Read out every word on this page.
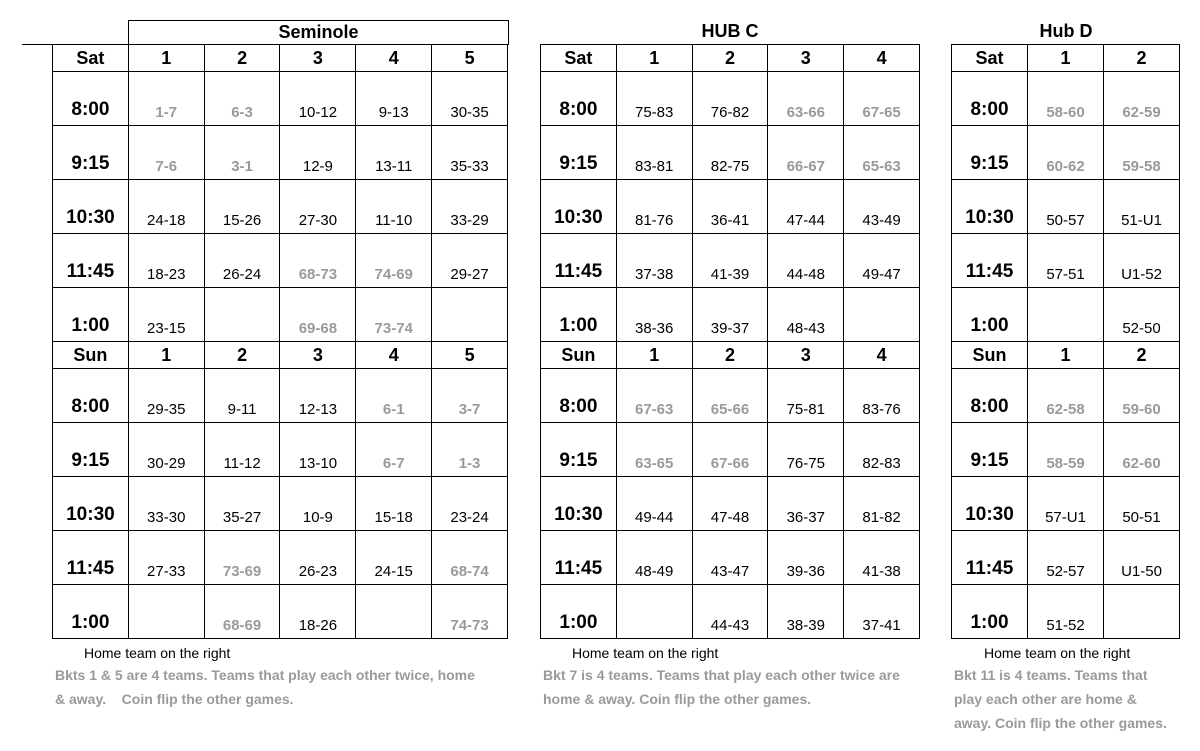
Seminole
Sat	1	2	3	4	5
8:00	1-7	6-3	10-12	9-13	30-35
9:15	7-6	3-1	12-9	13-11	35-33
10:30	24-18	15-26	27-30	11-10	33-29
11:45	18-23	26-24	68-73	74-69	29-27
1:00	23-15		69-68	73-74	
Sun	1	2	3	4	5
8:00	29-35	9-11	12-13	6-1	3-7
9:15	30-29	11-12	13-10	6-7	1-3
10:30	33-30	35-27	10-9	15-18	23-24
11:45	27-33	73-69	26-23	24-15	68-74
1:00		68-69	18-26		74-73
Home team on the right
Bkts 1 & 5 are 4 teams. Teams that play each other twice, home
& away.    Coin flip the other games.
HUB C
Sat	1	2	3	4
8:00	75-83	76-82	63-66	67-65
9:15	83-81	82-75	66-67	65-63
10:30	81-76	36-41	47-44	43-49
11:45	37-38	41-39	44-48	49-47
1:00	38-36	39-37	48-43	
Sun	1	2	3	4
8:00	67-63	65-66	75-81	83-76
9:15	63-65	67-66	76-75	82-83
10:30	49-44	47-48	36-37	81-82
11:45	48-49	43-47	39-36	41-38
1:00		44-43	38-39	37-41
Home team on the right
Bkt 7 is 4 teams. Teams that play each other twice are
home & away. Coin flip the other games.
Hub D
Sat	1	2
8:00	58-60	62-59
9:15	60-62	59-58
10:30	50-57	51-U1
11:45	57-51	U1-52
1:00		52-50
Sun	1	2
8:00	62-58	59-60
9:15	58-59	62-60
10:30	57-U1	50-51
11:45	52-57	U1-50
1:00	51-52	
Home team on the right
Bkt 11 is 4 teams. Teams that
play each other are home &
away. Coin flip the other games.
